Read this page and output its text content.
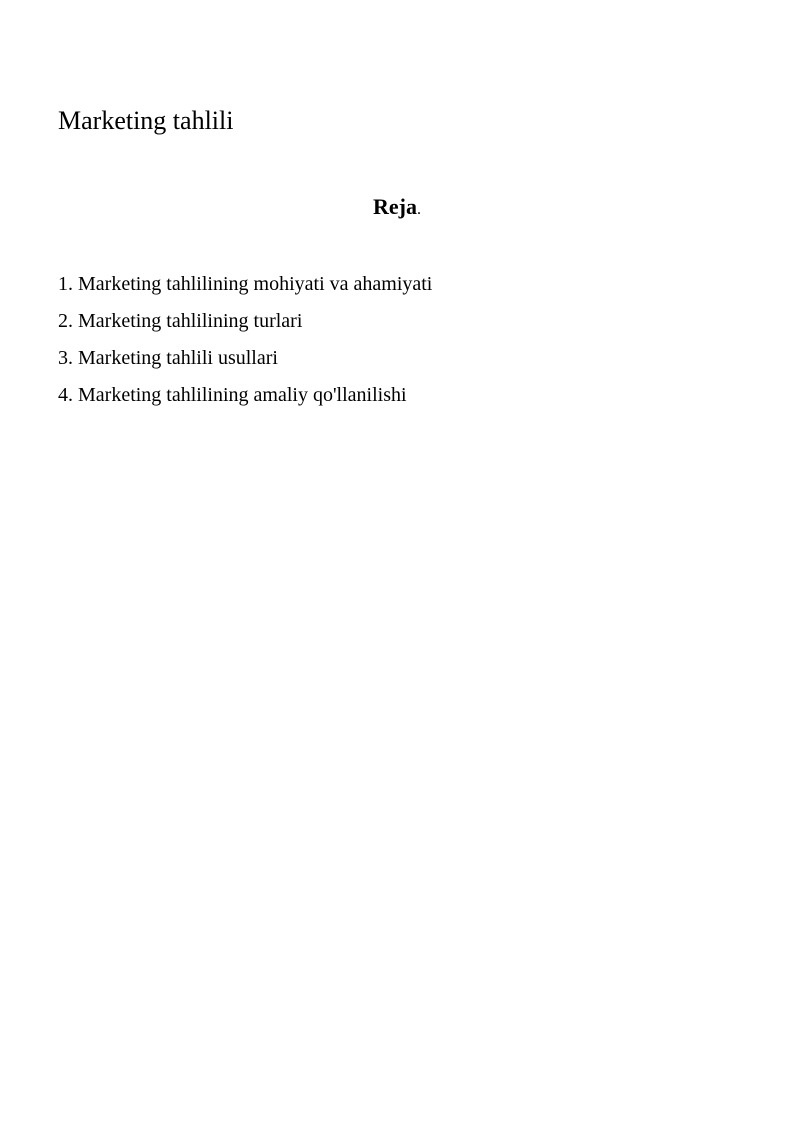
Marketing tahlili
Reja.
1. Marketing tahlilining mohiyati va ahamiyati
2. Marketing tahlilining turlari
3. Marketing tahlili usullari
4. Marketing tahlilining amaliy qo'llanilishi
